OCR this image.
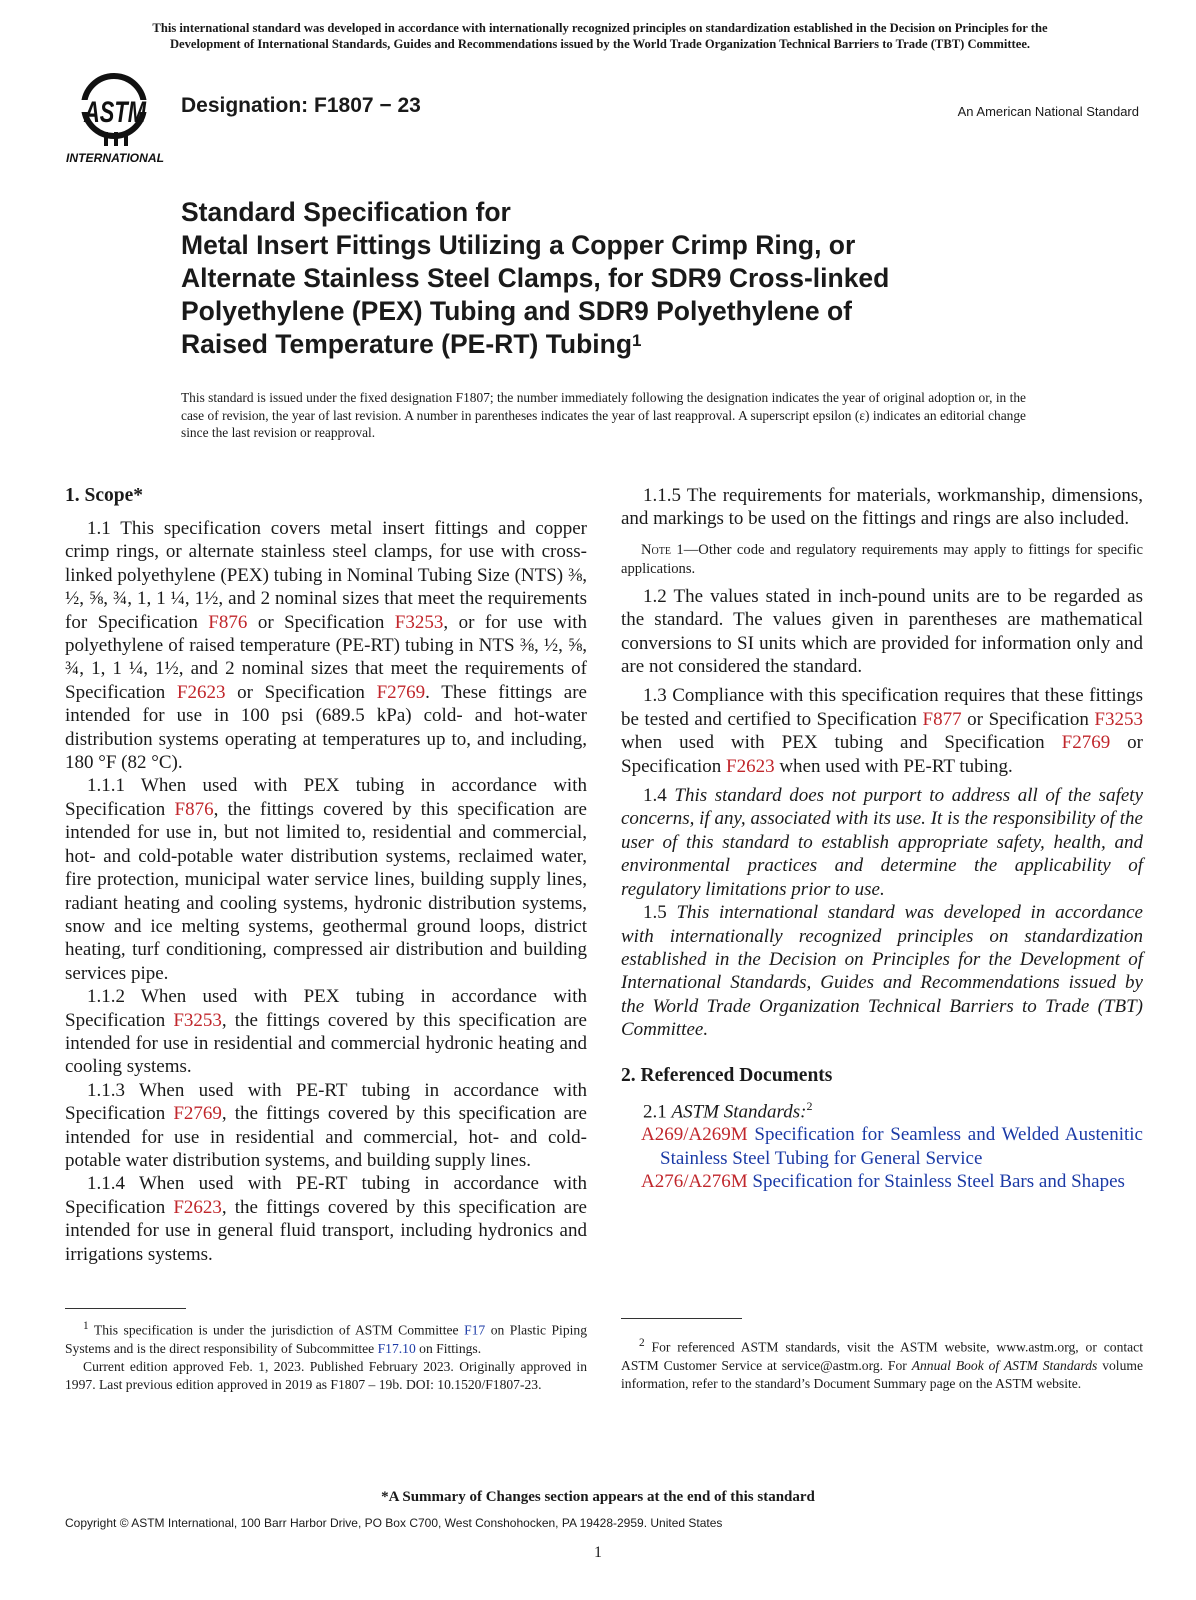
This international standard was developed in accordance with internationally recognized principles on standardization established in the Decision on Principles for the
Development of International Standards, Guides and Recommendations issued by the World Trade Organization Technical Barriers to Trade (TBT) Committee.
ASTM
INTERNATIONAL
Designation: F1807 − 23	An American National Standard
Standard Specification for
Metal Insert Fittings Utilizing a Copper Crimp Ring, or
Alternate Stainless Steel Clamps, for SDR9 Cross-linked
Polyethylene (PEX) Tubing and SDR9 Polyethylene of
Raised Temperature (PE-RT) Tubing$^1$
This standard is issued under the fixed designation F1807; the number immediately following the designation indicates the year of original adoption or, in the case of revision, the year of last revision. A number in parentheses indicates the year of last reapproval. A superscript epsilon (ε) indicates an editorial change since the last revision or reapproval.
1. Scope*

1.1 This specification covers metal insert fittings and copper crimp rings, or alternate stainless steel clamps, for use with cross-linked polyethylene (PEX) tubing in Nominal Tubing Size (NTS) ⅜, ½, ⅝, ¾, 1, 1 ¼, 1½, and 2 nominal sizes that meet the requirements for Specification F876 or Specification F3253, or for use with polyethylene of raised temperature (PE-RT) tubing in NTS ⅜, ½, ⅝, ¾, 1, 1 ¼, 1½, and 2 nominal sizes that meet the requirements of Specification F2623 or Specification F2769. These fittings are intended for use in 100 psi (689.5 kPa) cold- and hot-water distribution systems operating at temperatures up to, and including, 180 °F (82 °C).

1.1.1 When used with PEX tubing in accordance with Specification F876, the fittings covered by this specification are intended for use in, but not limited to, residential and commercial, hot- and cold-potable water distribution systems, reclaimed water, fire protection, municipal water service lines, building supply lines, radiant heating and cooling systems, hydronic distribution systems, snow and ice melting systems, geothermal ground loops, district heating, turf conditioning, compressed air distribution and building services pipe.

1.1.2 When used with PEX tubing in accordance with Specification F3253, the fittings covered by this specification are intended for use in residential and commercial hydronic heating and cooling systems.

1.1.3 When used with PE-RT tubing in accordance with Specification F2769, the fittings covered by this specification are intended for use in residential and commercial, hot- and cold-potable water distribution systems, and building supply lines.

1.1.4 When used with PE-RT tubing in accordance with Specification F2623, the fittings covered by this specification are intended for use in general fluid transport, including hydronics and irrigations systems.

1.1.5 The requirements for materials, workmanship, dimensions, and markings to be used on the fittings and rings are also included.

Note 1—Other code and regulatory requirements may apply to fittings for specific applications.

1.2 The values stated in inch-pound units are to be regarded as the standard. The values given in parentheses are mathematical conversions to SI units which are provided for information only and are not considered the standard.

1.3 Compliance with this specification requires that these fittings be tested and certified to Specification F877 or Specification F3253 when used with PEX tubing and Specification F2769 or Specification F2623 when used with PE-RT tubing.

1.4 This standard does not purport to address all of the safety concerns, if any, associated with its use. It is the responsibility of the user of this standard to establish appropriate safety, health, and environmental practices and determine the applicability of regulatory limitations prior to use.

1.5 This international standard was developed in accordance with internationally recognized principles on standardization established in the Decision on Principles for the Development of International Standards, Guides and Recommendations issued by the World Trade Organization Technical Barriers to Trade (TBT) Committee.

2. Referenced Documents

2.1 ASTM Standards:$^2$

A269/A269M Specification for Seamless and Welded Austenitic Stainless Steel Tubing for General Service

A276/A276M Specification for Stainless Steel Bars and Shapes

$^1$ This specification is under the jurisdiction of ASTM Committee F17 on Plastic Piping Systems and is the direct responsibility of Subcommittee F17.10 on Fittings.

Current edition approved Feb. 1, 2023. Published February 2023. Originally approved in 1997. Last previous edition approved in 2019 as F1807 – 19b. DOI: 10.1520/F1807-23.

$^2$ For referenced ASTM standards, visit the ASTM website, www.astm.org, or contact ASTM Customer Service at service@astm.org. For Annual Book of ASTM Standards volume information, refer to the standard’s Document Summary page on the ASTM website.

*A Summary of Changes section appears at the end of this standard
Copyright © ASTM International, 100 Barr Harbor Drive, PO Box C700, West Conshohocken, PA 19428-2959. United States
1
